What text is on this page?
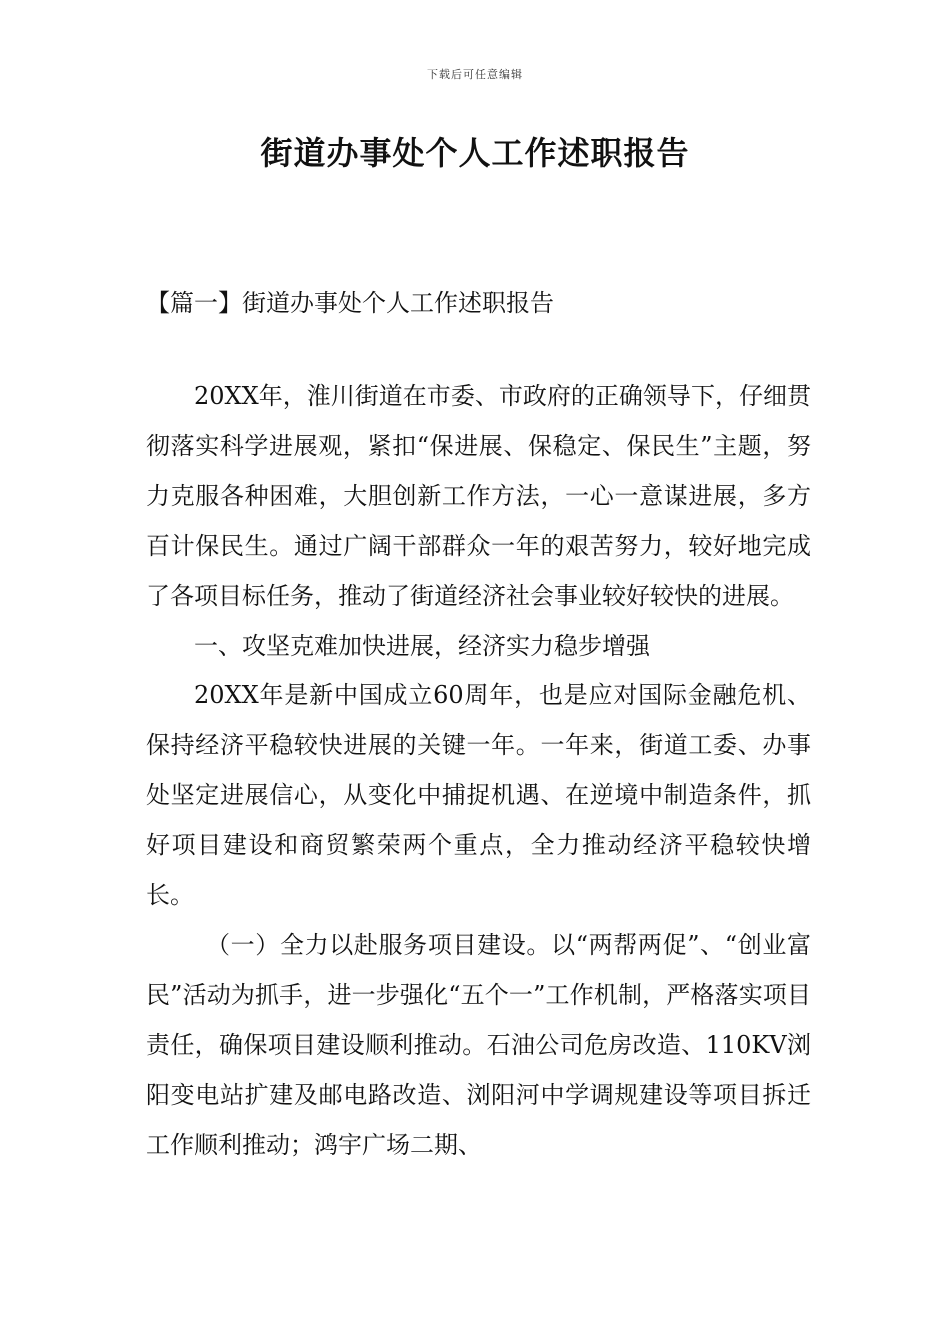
下载后可任意编辑
街道办事处个人工作述职报告
【篇一】街道办事处个人工作述职报告

20XX年，淮川街道在市委、市政府的正确领导下，仔细贯彻落实科学进展观，紧扣“保进展、保稳定、保民生”主题，努力克服各种困难，大胆创新工作方法，一心一意谋进展，多方百计保民生。通过广阔干部群众一年的艰苦努力，较好地完成了各项目标任务，推动了街道经济社会事业较好较快的进展。

一、攻坚克难加快进展，经济实力稳步增强

20XX年是新中国成立60周年，也是应对国际金融危机、保持经济平稳较快进展的关键一年。一年来，街道工委、办事处坚定进展信心，从变化中捕捉机遇、在逆境中制造条件，抓好项目建设和商贸繁荣两个重点，全力推动经济平稳较快增长。

（一）全力以赴服务项目建设。以“两帮两促”、“创业富民”活动为抓手，进一步强化“五个一”工作机制，严格落实项目责任，确保项目建设顺利推动。石油公司危房改造、110KV浏阳变电站扩建及邮电路改造、浏阳河中学调规建设等项目拆迁工作顺利推动；鸿宇广场二期、
